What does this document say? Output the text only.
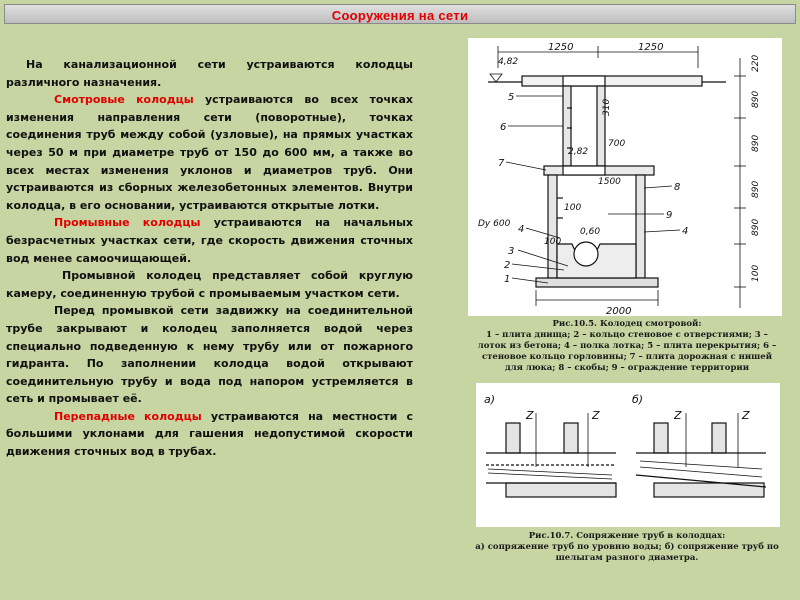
Сооружения на сети

На канализационной сети устраиваются колодцы различного назначения.

Смотровые колодцы устраиваются во всех точках изменения направления сети (поворотные), точках соединения труб между собой (узловые), на прямых участках через 50 м при диаметре труб от 150 до 600 мм, а также во всех местах изменения уклонов и диаметров труб. Они устраиваются из сборных железобетонных элементов. Внутри колодца, в его основании, устраиваются открытые лотки.

Промывные колодцы устраиваются на начальных безрасчетных участках сети, где скорость движения сточных вод менее самоочищающей.

Промывной колодец представляет собой круглую камеру, соединенную трубой с промываемым участком сети.

Перед промывкой сети задвижку на соединительной трубе закрывают и колодец заполняется водой через специально подведенную к нему трубу или от пожарного гидранта. По заполнении колодца водой открывают соединительную трубу и вода под напором устремляется в сеть и промывает её.

Перепадные колодцы устраиваются на местности с большими уклонами для гашения недопустимой скорости движения сточных вод в трубах.

1250	1250
4,82
2000
310
700
2,82
1500
100
100
0,60
Dy 600
220
890
890
890
890
100
5
6
7
4
3
2
1
8
9
4
Рис.10.5. Колодец смотровой:
1 – плита днища; 2 – кольцо стеновое с отверстиями; 3 –
лоток из бетона; 4 – полка лотка; 5 – плита перекрытия; 6 –
стеновое кольцо горловины; 7 – плита дорожная с нишей
для люка; 8 – скобы; 9 – ограждение территории
а)	б)
Z	Z	Z	Z
Рис.10.7. Сопряжение труб в колодцах:
а) сопряжение труб по уровню воды; б) сопряжение труб по
шелыгам разного диаметра.
